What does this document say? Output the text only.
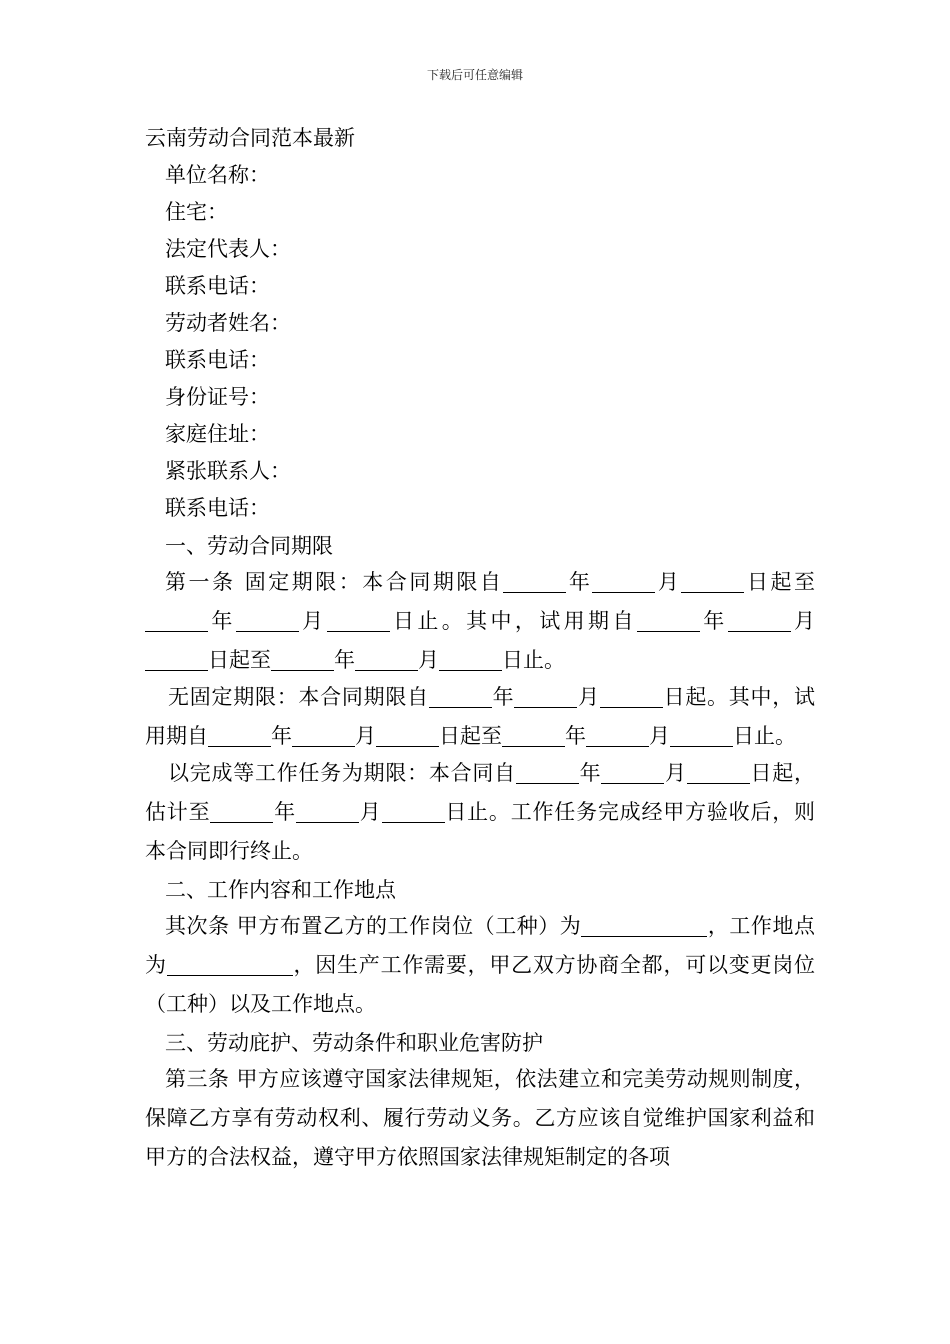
下载后可任意编辑
云南劳动合同范本最新
单位名称：
住宅：
法定代表人：
联系电话：
劳动者姓名：
联系电话：
身份证号：
家庭住址：
紧张联系人：
联系电话：
一、劳动合同期限
第一条 固定期限：本合同期限自	年	月	日起至年	月	日止。其中，试用期自	年	月日起至	年	月	日止。
无固定期限：本合同期限自	年	月	日起。其中，试用期自	年	月	日起至	年	月	日止。
以完成等工作任务为期限：本合同自	年	月	日起，估计至	年	月	日止。工作任务完成经甲方验收后，则本合同即行终止。
二、工作内容和工作地点
其次条 甲方布置乙方的工作岗位（工种）为	，工作地点为	，因生产工作需要，甲乙双方协商全都，可以变更岗位（工种）以及工作地点。
三、劳动庇护、劳动条件和职业危害防护
第三条 甲方应该遵守国家法律规矩，依法建立和完美劳动规则制度，保障乙方享有劳动权利、履行劳动义务。乙方应该自觉维护国家利益和甲方的合法权益，遵守甲方依照国家法律规矩制定的各项
